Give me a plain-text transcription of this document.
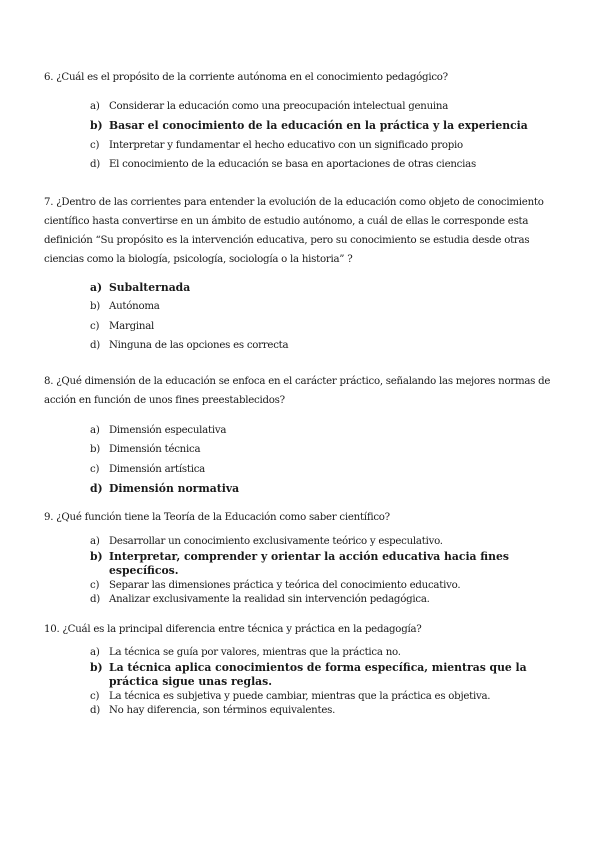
6. ¿Cuál es el propósito de la corriente autónoma en el conocimiento pedagógico?
a) Considerar la educación como una preocupación intelectual genuina
b) Basar el conocimiento de la educación en la práctica y la experiencia
c) Interpretar y fundamentar el hecho educativo con un significado propio
d) El conocimiento de la educación se basa en aportaciones de otras ciencias
7. ¿Dentro de las corrientes para entender la evolución de la educación como objeto de conocimiento científico hasta convertirse en un ámbito de estudio autónomo, a cuál de ellas le corresponde esta definición “Su propósito es la intervención educativa, pero su conocimiento se estudia desde otras ciencias como la biología, psicología, sociología o la historia” ?
a) Subalternada
b) Autónoma
c) Marginal
d) Ninguna de las opciones es correcta
8. ¿Qué dimensión de la educación se enfoca en el carácter práctico, señalando las mejores normas de acción en función de unos fines preestablecidos?
a) Dimensión especulativa
b) Dimensión técnica
c) Dimensión artística
d) Dimensión normativa
9. ¿Qué función tiene la Teoría de la Educación como saber científico?
a) Desarrollar un conocimiento exclusivamente teórico y especulativo.
b) Interpretar, comprender y orientar la acción educativa hacia fines específicos.
c) Separar las dimensiones práctica y teórica del conocimiento educativo.
d) Analizar exclusivamente la realidad sin intervención pedagógica.
10. ¿Cuál es la principal diferencia entre técnica y práctica en la pedagogía?
a) La técnica se guía por valores, mientras que la práctica no.
b) La técnica aplica conocimientos de forma específica, mientras que la práctica sigue unas reglas.
c) La técnica es subjetiva y puede cambiar, mientras que la práctica es objetiva.
d) No hay diferencia, son términos equivalentes.
